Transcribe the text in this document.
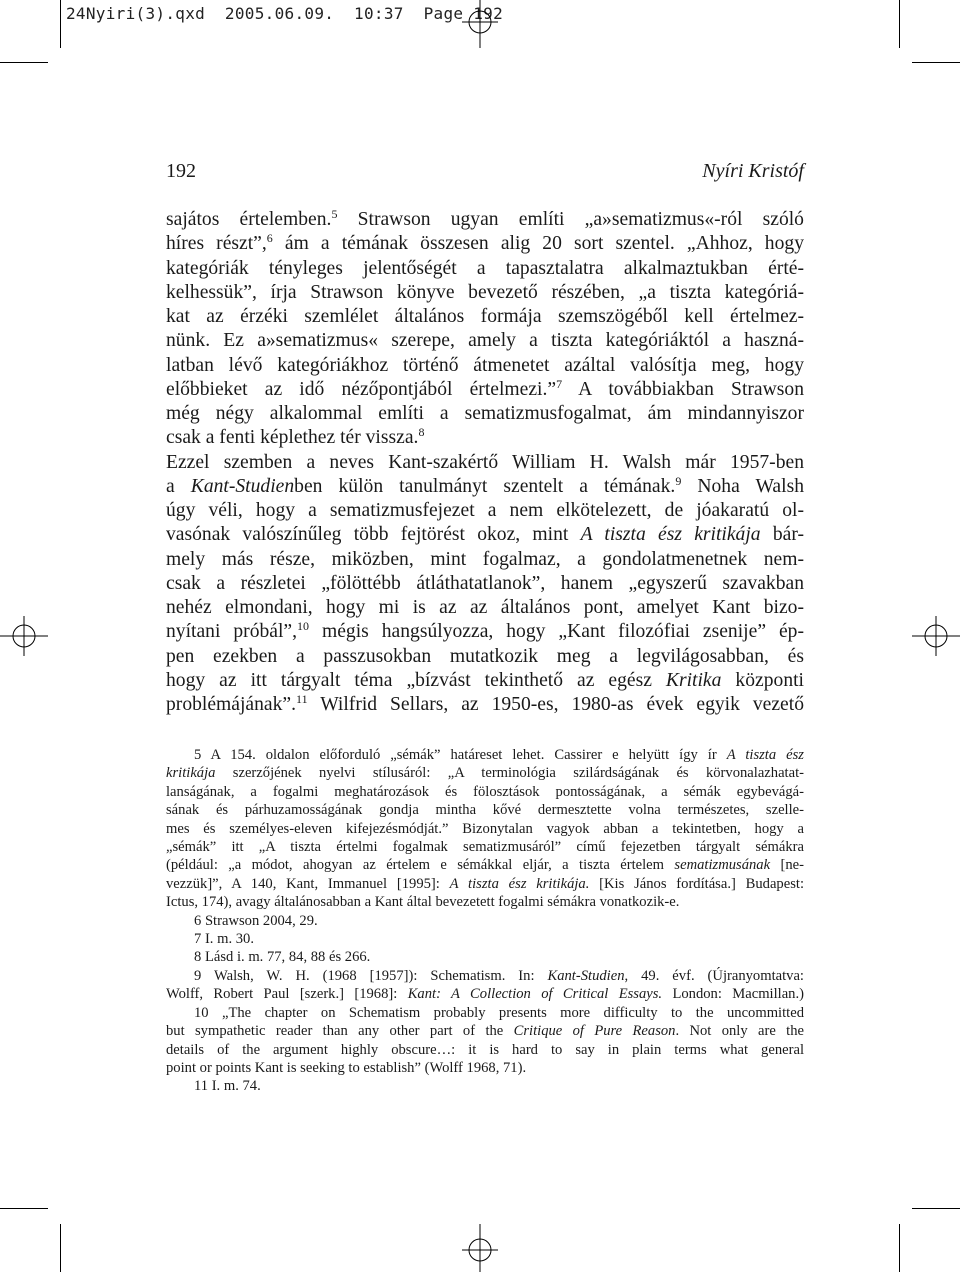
24Nyiri(3).qxd  2005.06.09.  10:37  Page 192
192	Nyíri Kristóf

sajátos értelemben.$^5$ Strawson ugyan említi „a»sematizmus«-ról szóló

híres részt”,$^6$ ám a témának összesen alig 20 sort szentel. „Ahhoz, hogy

kategóriák tényleges jelentőségét a tapasztalatra alkalmaztukban érté-

kelhessük”, írja Strawson könyve bevezető részében, „a tiszta kategóriá-

kat az érzéki szemlélet általános formája szemszögéből kell értelmez-

nünk. Ez a»sematizmus« szerepe, amely a tiszta kategóriáktól a haszná-

latban lévő kategóriákhoz történő átmenetet azáltal valósítja meg, hogy

előbbieket az idő nézőpontjából értelmezi.”$^7$ A továbbiakban Strawson

még négy alkalommal említi a sematizmusfogalmat, ám mindannyiszor

csak a fenti képlethez tér vissza.$^8$

Ezzel szemben a neves Kant-szakértő William H. Walsh már 1957-ben

a Kant-Studienben külön tanulmányt szentelt a témának.$^9$ Noha Walsh

úgy véli, hogy a sematizmusfejezet a nem elkötelezett, de jóakaratú ol-

vasónak valószínűleg több fejtörést okoz, mint A tiszta ész kritikája bár-

mely más része, miközben, mint fogalmaz, a gondolatmenetnek nem-

csak a részletei „fölöttébb átláthatatlanok”, hanem „egyszerű szavakban

nehéz elmondani, hogy mi is az az általános pont, amelyet Kant bizo-

nyítani próbál”,$^{10}$ mégis hangsúlyozza, hogy „Kant filozófiai zsenije” ép-

pen ezekben a passzusokban mutatkozik meg a legvilágosabban, és

hogy az itt tárgyalt téma „bízvást tekinthető az egész Kritika központi

problémájának”.$^{11}$ Wilfrid Sellars, az 1950-es, 1980-as évek egyik vezető

5 A 154. oldalon előforduló „sémák” határeset lehet. Cassirer e helyütt így ír A tiszta ész
kritikája szerzőjének nyelvi stílusáról: „A terminológia szilárdságának és körvonalazhatat-
lanságának, a fogalmi meghatározások és fölosztások pontosságának, a sémák egybevágá-
sának és párhuzamosságának gondja mintha kővé dermesztette volna természetes, szelle-
mes és személyes-eleven kifejezésmódját.” Bizonytalan vagyok abban a tekintetben, hogy a
„sémák” itt „A tiszta értelmi fogalmak sematizmusáról” című fejezetben tárgyalt sémákra
(például: „a módot, ahogyan az értelem e sémákkal eljár, a tiszta értelem sematizmusának [ne-
vezzük]”, A 140, Kant, Immanuel [1995]: A tiszta ész kritikája. [Kis János fordítása.] Budapest:
Ictus, 174), avagy általánosabban a Kant által bevezetett fogalmi sémákra vonatkozik-e.
6 Strawson 2004, 29.
7 I. m. 30.
8 Lásd i. m. 77, 84, 88 és 266.
9 Walsh, W. H. (1968 [1957]): Schematism. In: Kant-Studien, 49. évf. (Újranyomtatva:
Wolff, Robert Paul [szerk.] [1968]: Kant: A Collection of Critical Essays. London: Macmillan.)
10 „The chapter on Schematism probably presents more difficulty to the uncommitted
but sympathetic reader than any other part of the Critique of Pure Reason. Not only are the
details of the argument highly obscure…: it is hard to say in plain terms what general
point or points Kant is seeking to establish” (Wolff 1968, 71).
11 I. m. 74.
